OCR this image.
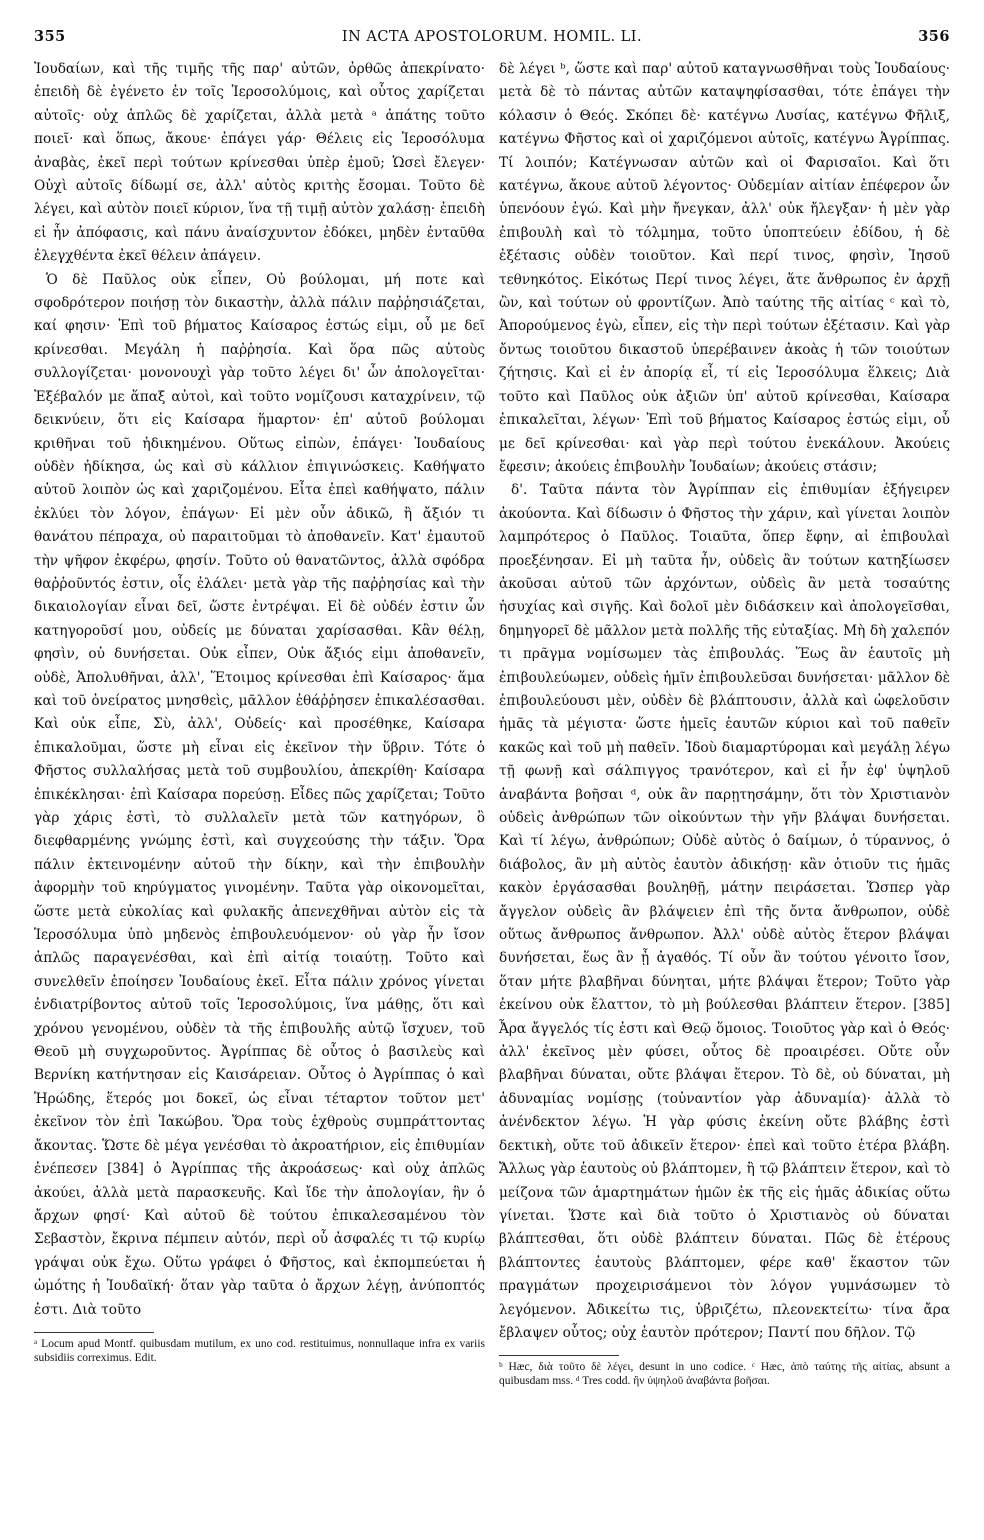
355	IN ACTA APOSTOLORUM. HOMIL. LI.	356

Ἰουδαίων, καὶ τῆς τιμῆς τῆς παρ' αὐτῶν, ὀρθῶς ἀπεκρίνατο· ἐπειδὴ δὲ ἐγένετο ἐν τοῖς Ἱεροσολύμοις, καὶ οὗτος χαρίζεται αὐτοῖς· οὐχ ἁπλῶς δὲ χαρίζεται, ἀλλὰ μετὰ ᵃ ἀπάτης τοῦτο ποιεῖ· καὶ ὅπως, ἄκουε· ἐπάγει γάρ· Θέλεις εἰς Ἱεροσόλυμα ἀναβὰς, ἐκεῖ περὶ τούτων κρίνεσθαι ὑπὲρ ἐμοῦ; Ὡσεὶ ἔλεγεν· Οὐχὶ αὐτοῖς δίδωμί σε, ἀλλ' αὐτὸς κριτὴς ἔσομαι. Τοῦτο δὲ λέγει, καὶ αὐτὸν ποιεῖ κύριον, ἵνα τῇ τιμῇ αὐτὸν χαλάσῃ· ἐπειδὴ εἰ ἦν ἀπόφασις, καὶ πάνυ ἀναίσχυντον ἐδόκει, μηδὲν ἐνταῦθα ἐλεγχθέντα ἐκεῖ θέλειν ἀπάγειν.

Ὁ δὲ Παῦλος οὐκ εἶπεν, Οὐ βούλομαι, μή ποτε καὶ σφοδρότερον ποιήσῃ τὸν δικαστὴν, ἀλλὰ πάλιν παῤῥησιάζεται, καί φησιν· Ἐπὶ τοῦ βήματος Καίσαρος ἑστώς εἰμι, οὗ με δεῖ κρίνεσθαι. Μεγάλη ἡ παῤῥησία. Καὶ ὅρα πῶς αὐτοὺς συλλογίζεται· μονονουχὶ γὰρ τοῦτο λέγει δι' ὧν ἀπολογεῖται· Ἐξέβαλόν με ἅπαξ αὐτοὶ, καὶ τοῦτο νομίζουσι καταχρίνειν, τῷ δεικνύειν, ὅτι εἰς Καίσαρα ἥμαρτον· ἐπ' αὐτοῦ βούλομαι κριθῆναι τοῦ ἠδικημένου. Οὕτως εἰπὼν, ἐπάγει· Ἰουδαίους οὐδὲν ἠδίκησα, ὡς καὶ σὺ κάλλιον ἐπιγινώσκεις. Καθήψατο αὐτοῦ λοιπὸν ὡς καὶ χαριζομένου. Εἶτα ἐπεὶ καθήψατο, πάλιν ἐκλύει τὸν λόγον, ἐπάγων· Εἰ μὲν οὖν ἀδικῶ, ἢ ἄξιόν τι θανάτου πέπραχα, οὐ παραιτοῦμαι τὸ ἀποθανεῖν. Κατ' ἐμαυτοῦ τὴν ψῆφον ἐκφέρω, φησίν. Τοῦτο οὐ θανατῶντος, ἀλλὰ σφόδρα θαῤῥοῦντός ἐστιν, οἷς ἐλάλει· μετὰ γὰρ τῆς παῤῥησίας καὶ τὴν δικαιολογίαν εἶναι δεῖ, ὥστε ἐντρέψαι. Εἰ δὲ οὐδέν ἐστιν ὧν κατηγοροῦσί μου, οὐδείς με δύναται χαρίσασθαι. Κἂν θέλῃ, φησὶν, οὐ δυνήσεται. Οὐκ εἶπεν, Οὐκ ἄξιός εἰμι ἀποθανεῖν, οὐδὲ, Ἀπολυθῆναι, ἀλλ', Ἕτοιμος κρίνεσθαι ἐπὶ Καίσαρος· ἅμα καὶ τοῦ ὀνείρατος μνησθεὶς, μᾶλλον ἐθάῤῥησεν ἐπικαλέσασθαι. Καὶ οὐκ εἶπε, Σὺ, ἀλλ', Οὐδείς· καὶ προσέθηκε, Καίσαρα ἐπικαλοῦμαι, ὥστε μὴ εἶναι εἰς ἐκεῖνον τὴν ὕβριν. Τότε ὁ Φῆστος συλλαλήσας μετὰ τοῦ συμβουλίου, ἀπεκρίθη· Καίσαρα ἐπικέκλησαι· ἐπὶ Καίσαρα πορεύσῃ. Εἶδες πῶς χαρίζεται; Τοῦτο γὰρ χάρις ἐστὶ, τὸ συλλαλεῖν μετὰ τῶν κατηγόρων, ὃ διεφθαρμένης γνώμης ἐστὶ, καὶ συγχεούσης τὴν τάξιν. Ὅρα πάλιν ἐκτεινομένην αὐτοῦ τὴν δίκην, καὶ τὴν ἐπιβουλὴν ἀφορμὴν τοῦ κηρύγματος γινομένην. Ταῦτα γὰρ οἰκονομεῖται, ὥστε μετὰ εὐκολίας καὶ φυλακῆς ἀπενεχθῆναι αὐτὸν εἰς τὰ Ἱεροσόλυμα ὑπὸ μηδενὸς ἐπιβουλευόμενον· οὐ γὰρ ἦν ἴσον ἁπλῶς παραγενέσθαι, καὶ ἐπὶ αἰτίᾳ τοιαύτῃ. Τοῦτο καὶ συνελθεῖν ἐποίησεν Ἰουδαίους ἐκεῖ. Εἶτα πάλιν χρόνος γίνεται ἐνδιατρίβοντος αὐτοῦ τοῖς Ἱεροσολύμοις, ἵνα μάθῃς, ὅτι καὶ χρόνου γενομένου, οὐδὲν τὰ τῆς ἐπιβουλῆς αὐτῷ ἴσχυεν, τοῦ Θεοῦ μὴ συγχωροῦντος. Ἀγρίππας δὲ οὗτος ὁ βασιλεὺς καὶ Βερνίκη κατήντησαν εἰς Καισάρειαν. Οὗτος ὁ Ἀγρίππας ὁ καὶ Ἡρώδης, ἕτερός μοι δοκεῖ, ὡς εἶναι τέταρτον τοῦτον μετ' ἐκεῖνον τὸν ἐπὶ Ἰακώβου. Ὅρα τοὺς ἐχθροὺς συμπράττοντας ἄκοντας. Ὥστε δὲ μέγα γενέσθαι τὸ ἀκροατήριον, εἰς ἐπιθυμίαν ἐνέπεσεν [384] ὁ Ἀγρίππας τῆς ἀκροάσεως· καὶ οὐχ ἁπλῶς ἀκούει, ἀλλὰ μετὰ παρασκευῆς. Καὶ ἴδε τὴν ἀπολογίαν, ἣν ὁ ἄρχων φησί· Καὶ αὐτοῦ δὲ τούτου ἐπικαλεσαμένου τὸν Σεβαστὸν, ἔκρινα πέμπειν αὐτόν, περὶ οὗ ἀσφαλές τι τῷ κυρίῳ γράψαι οὐκ ἔχω. Οὕτω γράφει ὁ Φῆστος, καὶ ἐκπομπεύεται ἡ ὠμότης ἡ Ἰουδαϊκή· ὅταν γὰρ ταῦτα ὁ ἄρχων λέγῃ, ἀνύποπτός ἐστι. Διὰ τοῦτο

ᵃ Locum apud Montf. quibusdam mutilum, ex uno cod. restituimus, nonnullaque infra ex variis subsidiis correximus. Edit.

δὲ λέγει ᵇ, ὥστε καὶ παρ' αὐτοῦ καταγνωσθῆναι τοὺς Ἰουδαίους· μετὰ δὲ τὸ πάντας αὐτῶν καταψηφίσασθαι, τότε ἐπάγει τὴν κόλασιν ὁ Θεός. Σκόπει δὲ· κατέγνω Λυσίας, κατέγνω Φῆλιξ, κατέγνω Φῆστος καὶ οἱ χαριζόμενοι αὐτοῖς, κατέγνω Ἀγρίππας. Τί λοιπόν; Κατέγνωσαν αὐτῶν καὶ οἱ Φαρισαῖοι. Καὶ ὅτι κατέγνω, ἄκουε αὐτοῦ λέγοντος· Οὐδεμίαν αἰτίαν ἐπέφερον ὧν ὑπενόουν ἐγώ. Καὶ μὴν ἤνεγκαν, ἀλλ' οὐκ ἤλεγξαν· ἡ μὲν γὰρ ἐπιβουλὴ καὶ τὸ τόλμημα, τοῦτο ὑποπτεύειν ἐδίδου, ἡ δὲ ἐξέτασις οὐδὲν τοιοῦτον. Καὶ περί τινος, φησὶν, Ἰησοῦ τεθνηκότος. Εἰκότως Περί τινος λέγει, ἅτε ἄνθρωπος ἐν ἀρχῇ ὢν, καὶ τούτων οὐ φροντίζων. Ἀπὸ ταύτης τῆς αἰτίας ᶜ καὶ τὸ, Ἀπορούμενος ἐγὼ, εἶπεν, εἰς τὴν περὶ τούτων ἐξέτασιν. Καὶ γὰρ ὄντως τοιοῦτου δικαστοῦ ὑπερέβαινεν ἀκοὰς ἡ τῶν τοιούτων ζήτησις. Καὶ εἰ ἐν ἀπορίᾳ εἶ, τί εἰς Ἱεροσόλυμα ἕλκεις; Διὰ τοῦτο καὶ Παῦλος οὐκ ἀξιῶν ὑπ' αὐτοῦ κρίνεσθαι, Καίσαρα ἐπικαλεῖται, λέγων· Ἐπὶ τοῦ βήματος Καίσαρος ἑστώς εἰμι, οὗ με δεῖ κρίνεσθαι· καὶ γὰρ περὶ τούτου ἐνεκάλουν. Ἀκούεις ἔφεσιν; ἀκούεις ἐπιβουλὴν Ἰουδαίων; ἀκούεις στάσιν;

δ'. Ταῦτα πάντα τὸν Ἀγρίππαν εἰς ἐπιθυμίαν ἐξήγειρεν ἀκούοντα. Καὶ δίδωσιν ὁ Φῆστος τὴν χάριν, καὶ γίνεται λοιπὸν λαμπρότερος ὁ Παῦλος. Τοιαῦτα, ὅπερ ἔφην, αἱ ἐπιβουλαὶ προεξένησαν. Εἰ μὴ ταῦτα ἦν, οὐδεὶς ἂν τούτων κατηξίωσεν ἀκοῦσαι αὐτοῦ τῶν ἀρχόντων, οὐδεὶς ἂν μετὰ τοσαύτης ἡσυχίας καὶ σιγῆς. Καὶ δολοῖ μὲν διδάσκειν καὶ ἀπολογεῖσθαι, δημηγορεῖ δὲ μᾶλλον μετὰ πολλῆς τῆς εὐταξίας. Μὴ δὴ χαλεπόν τι πρᾶγμα νομίσωμεν τὰς ἐπιβουλάς. Ἕως ἂν ἑαυτοῖς μὴ ἐπιβουλεύωμεν, οὐδεὶς ἡμῖν ἐπιβουλεῦσαι δυνήσεται· μᾶλλον δὲ ἐπιβουλεύουσι μὲν, οὐδὲν δὲ βλάπτουσιν, ἀλλὰ καὶ ὠφελοῦσιν ἡμᾶς τὰ μέγιστα· ὥστε ἡμεῖς ἑαυτῶν κύριοι καὶ τοῦ παθεῖν κακῶς καὶ τοῦ μὴ παθεῖν. Ἰδοὺ διαμαρτύρομαι καὶ μεγάλῃ λέγω τῇ φωνῇ καὶ σάλπιγγος τρανότερον, καὶ εἰ ἦν ἐφ' ὑψηλοῦ ἀναβάντα βοῆσαι ᵈ, οὐκ ἂν παρῃτησάμην, ὅτι τὸν Χριστιανὸν οὐδεὶς ἀνθρώπων τῶν οἰκούντων τὴν γῆν βλάψαι δυνήσεται. Καὶ τί λέγω, ἀνθρώπων; Οὐδὲ αὐτὸς ὁ δαίμων, ὁ τύραννος, ὁ διάβολος, ἂν μὴ αὐτὸς ἑαυτὸν ἀδικήσῃ· κἂν ὁτιοῦν τις ἡμᾶς κακὸν ἐργάσασθαι βουληθῇ, μάτην πειράσεται. Ὥσπερ γὰρ ἄγγελον οὐδεὶς ἂν βλάψειεν ἐπὶ τῆς ὄντα ἄνθρωπον, οὐδὲ οὕτως ἄνθρωπος ἄνθρωπον. Ἀλλ' οὐδὲ αὐτὸς ἕτερον βλάψαι δυνήσεται, ἕως ἂν ᾖ ἀγαθός. Τί οὖν ἂν τούτου γένοιτο ἴσον, ὅταν μήτε βλαβῆναι δύνηται, μήτε βλάψαι ἕτερον; Τοῦτο γὰρ ἐκείνου οὐκ ἔλαττον, τὸ μὴ βούλεσθαι βλάπτειν ἕτερον. [385] Ἆρα ἄγγελός τίς ἐστι καὶ Θεῷ ὅμοιος. Τοιοῦτος γὰρ καὶ ὁ Θεός· ἀλλ' ἐκεῖνος μὲν φύσει, οὗτος δὲ προαιρέσει. Οὔτε οὖν βλαβῆναι δύναται, οὔτε βλάψαι ἕτερον. Τὸ δὲ, οὐ δύναται, μὴ ἀδυναμίας νομίσῃς (τοὐναντίον γὰρ ἀδυναμία)· ἀλλὰ τὸ ἀνένδεκτον λέγω. Ἡ γὰρ φύσις ἐκείνη οὔτε βλάβης ἐστὶ δεκτικὴ, οὔτε τοῦ ἀδικεῖν ἕτερον· ἐπεὶ καὶ τοῦτο ἑτέρα βλάβη. Ἄλλως γὰρ ἑαυτοὺς οὐ βλάπτομεν, ἢ τῷ βλάπτειν ἕτερον, καὶ τὸ μείζονα τῶν ἁμαρτημάτων ἡμῶν ἐκ τῆς εἰς ἡμᾶς ἀδικίας οὕτω γίνεται. Ὥστε καὶ διὰ τοῦτο ὁ Χριστιανὸς οὐ δύναται βλάπτεσθαι, ὅτι οὐδὲ βλάπτειν δύναται. Πῶς δὲ ἑτέρους βλάπτοντες ἑαυτοὺς βλάπτομεν, φέρε καθ' ἕκαστον τῶν πραγμάτων προχειρισάμενοι τὸν λόγον γυμνάσωμεν τὸ λεγόμενον. Ἀδικείτω τις, ὑβριζέτω, πλεονεκτείτω· τίνα ἄρα ἔβλαψεν οὗτος; οὐχ ἑαυτὸν πρότερον; Παντί που δῆλον. Τῷ

ᵇ Hæc, διὰ τοῦτο δὲ λέγει, desunt in uno codice. ᶜ Hæc, ἀπὸ ταύτης τῆς αἰτίας, absunt a quibusdam mss. ᵈ Tres codd. ἢν ὑψηλοῦ ἀναβάντα βοῆσαι.
